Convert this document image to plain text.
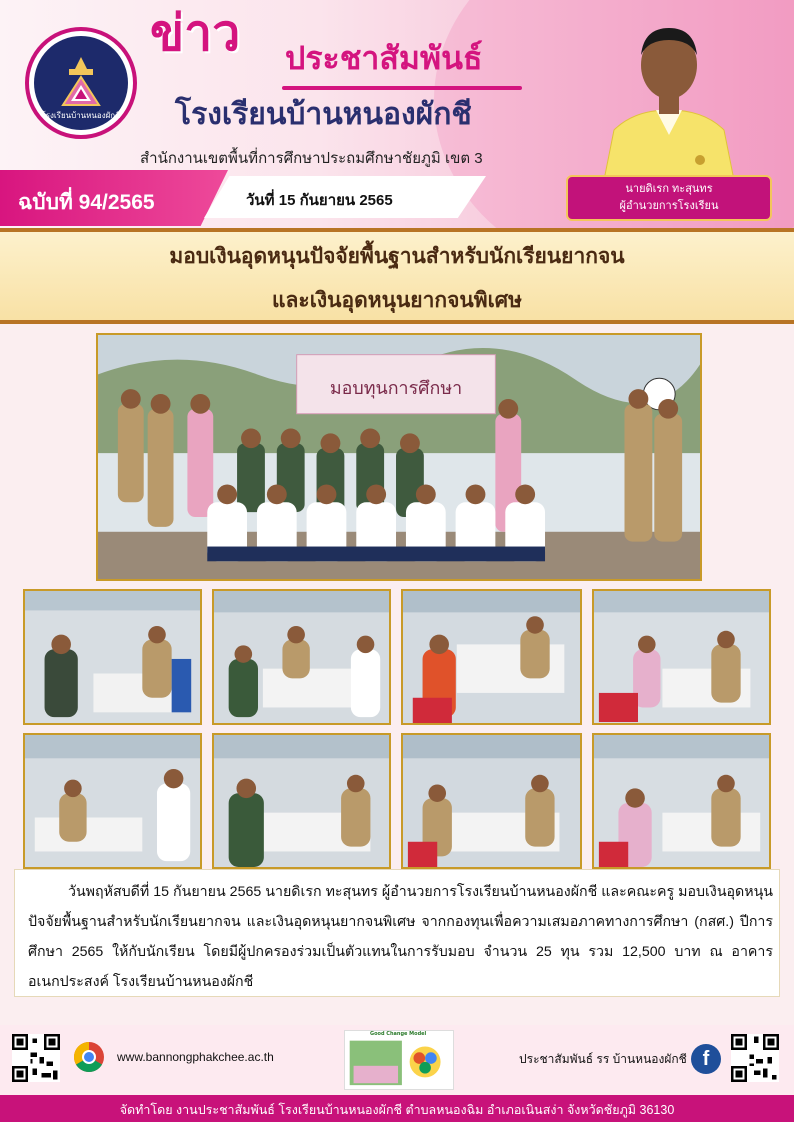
โรงเรียนบ้านหนองผักชี
ข่าว ประชาสัมพันธ์
โรงเรียนบ้านหนองผักชี
สำนักงานเขตพื้นที่การศึกษาประถมศึกษาชัยภูมิ เขต 3
นายดิเรก ทะสุนทร
ผู้อำนวยการโรงเรียน
ฉบับที่ 94/2565	วันที่ 15 กันยายน 2565
มอบเงินอุดหนุนปัจจัยพื้นฐานสำหรับนักเรียนยากจน
และเงินอุดหนุนยากจนพิเศษ
มอบทุนการศึกษา

วันพฤหัสบดีที่ 15 กันยายน 2565 นายดิเรก ทะสุนทร ผู้อำนวยการโรงเรียนบ้านหนองผักชี และคณะครู มอบเงินอุดหนุนปัจจัยพื้นฐานสำหรับนักเรียนยากจน และเงินอุดหนุนยากจนพิเศษ จากกองทุนเพื่อความเสมอภาคทางการศึกษา (กสศ.) ปีการศึกษา 2565 ให้กับนักเรียน โดยมีผู้ปกครองร่วมเป็นตัวแทนในการรับมอบ จำนวน 25 ทุน รวม 12,500 บาท ณ อาคารอเนกประสงค์ โรงเรียนบ้านหนองผักชี

www.bannongphakchee.ac.th
Good Change Model
ประชาสัมพันธ์ รร บ้านหนองผักชี f
จัดทำโดย งานประชาสัมพันธ์ โรงเรียนบ้านหนองผักชี ตำบลหนองฉิม อำเภอเนินสง่า จังหวัดชัยภูมิ 36130
